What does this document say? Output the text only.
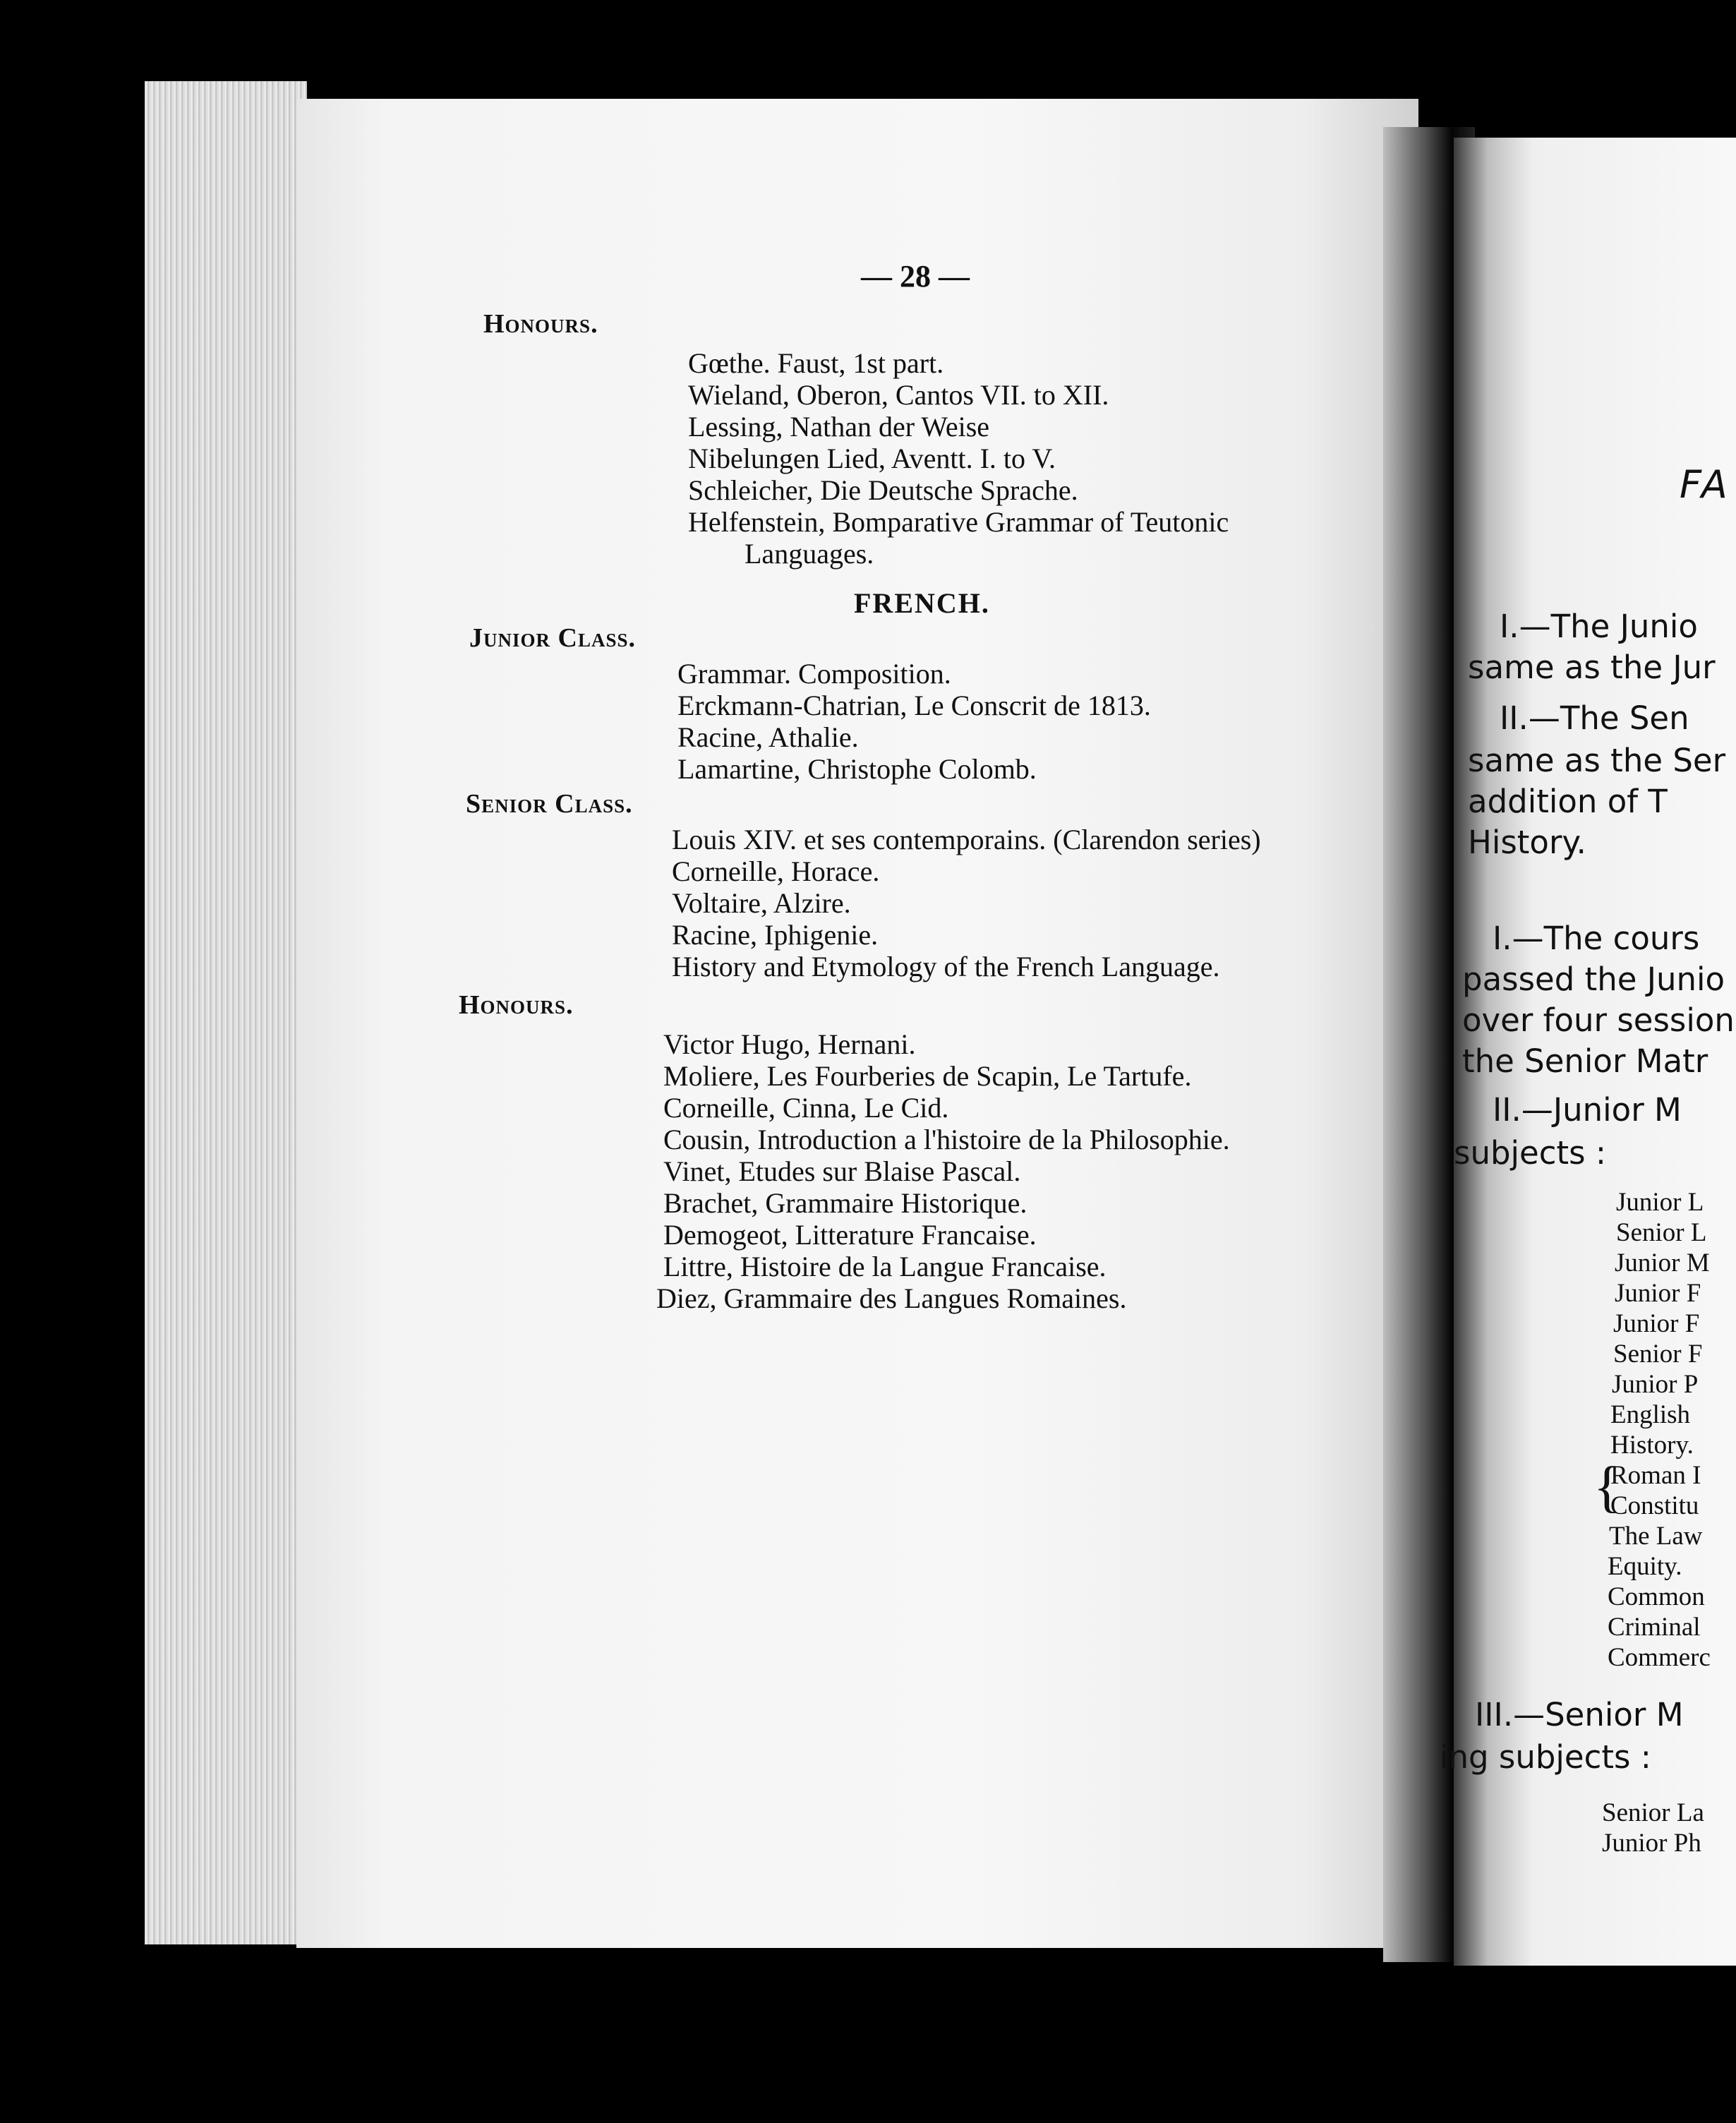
— 28 —
Honours.
Gœthe. Faust, 1st part.
Wieland, Oberon, Cantos VII. to XII.
Lessing, Nathan der Weise
Nibelungen Lied, Aventt. I. to V.
Schleicher, Die Deutsche Sprache.
Helfenstein, Bomparative Grammar of Teutonic
Languages.
FRENCH.
Junior Class.
Grammar. Composition.
Erckmann-Chatrian, Le Conscrit de 1813.
Racine, Athalie.
Lamartine, Christophe Colomb.
Senior Class.
Louis XIV. et ses contemporains. (Clarendon series)
Corneille, Horace.
Voltaire, Alzire.
Racine, Iphigenie.
History and Etymology of the French Language.
Honours.
Victor Hugo, Hernani.
Moliere, Les Fourberies de Scapin, Le Tartufe.
Corneille, Cinna, Le Cid.
Cousin, Introduction a l'histoire de la Philosophie.
Vinet, Etudes sur Blaise Pascal.
Brachet, Grammaire Historique.
Demogeot, Litterature Francaise.
Littre, Histoire de la Langue Francaise.
Diez, Grammaire des Langues Romaines.
FA
I.—The Junio
same as the Jur
II.—The Sen
same as the Ser
addition of T
History.
I.—The cours
passed the Junio
over four session
the Senior Matr
II.—Junior M
subjects :
Junior L
Senior L
Junior M
Junior F
Junior F
Senior F
Junior P
English
History.
{
Roman I
Constitu
The Law
Equity.
Common
Criminal
Commerc
III.—Senior M
ing subjects :
Senior La
Junior Ph
